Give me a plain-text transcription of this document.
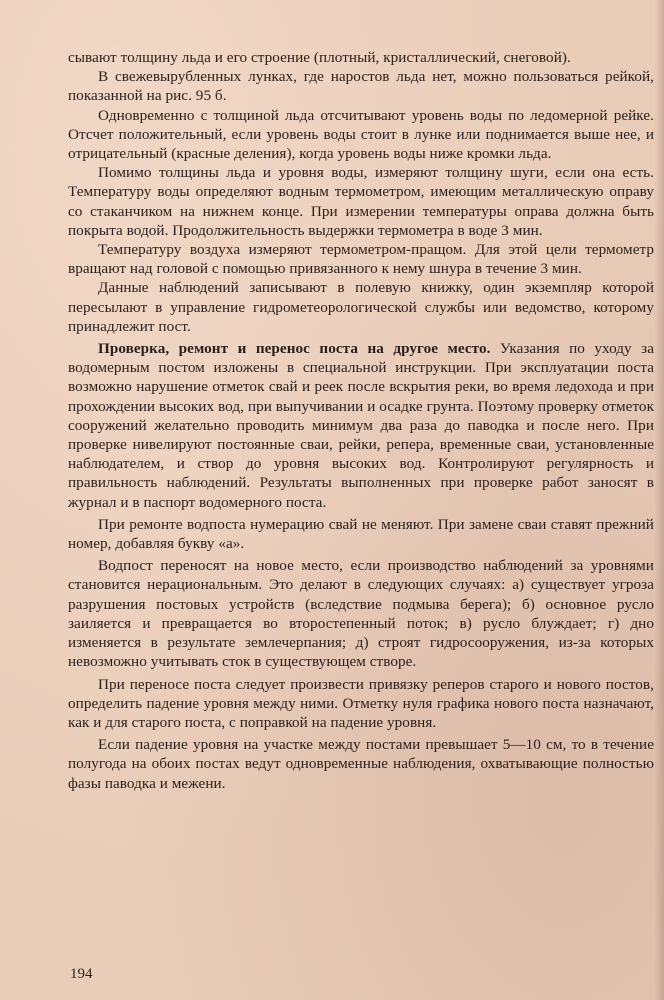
сывают толщину льда и его строение (плотный, кристаллический, снеговой).

В свежевырубленных лунках, где наростов льда нет, можно пользоваться рейкой, показанной на рис. 95 б.

Одновременно с толщиной льда отсчитывают уровень воды по ледомерной рейке. Отсчет положительный, если уровень воды стоит в лунке или поднимается выше нее, и отрицательный (красные деления), когда уровень воды ниже кромки льда.

Помимо толщины льда и уровня воды, измеряют толщину шуги, если она есть. Температуру воды определяют водным термометром, имеющим металлическую оправу со стаканчиком на нижнем конце. При измерении температуры оправа должна быть покрыта водой. Продолжительность выдержки термометра в воде 3 мин.

Температуру воздуха измеряют термометром-пращом. Для этой цели термометр вращают над головой с помощью привязанного к нему шнура в течение 3 мин.

Данные наблюдений записывают в полевую книжку, один экземпляр которой пересылают в управление гидрометеорологической службы или ведомство, которому принадлежит пост.

Проверка, ремонт и перенос поста на другое место. Указания по уходу за водомерным постом изложены в специальной инструкции. При эксплуатации поста возможно нарушение отметок свай и реек после вскрытия реки, во время ледохода и при прохождении высоких вод, при выпучивании и осадке грунта. Поэтому проверку отметок сооружений желательно проводить минимум два раза до паводка и после него. При проверке нивелируют постоянные сваи, рейки, репера, временные сваи, установленные наблюдателем, и створ до уровня высоких вод. Контролируют регулярность и правильность наблюдений. Результаты выполненных при проверке работ заносят в журнал и в паспорт водомерного поста.

При ремонте водпоста нумерацию свай не меняют. При замене сваи ставят прежний номер, добавляя букву «а».

Водпост переносят на новое место, если производство наблюдений за уровнями становится нерациональным. Это делают в следующих случаях: а) существует угроза разрушения постовых устройств (вследствие подмыва берега); б) основное русло заиляется и превращается во второстепенный поток; в) русло блуждает; г) дно изменяется в результате землечерпания; д) строят гидросооружения, из-за которых невозможно учитывать сток в существующем створе.

При переносе поста следует произвести привязку реперов старого и нового постов, определить падение уровня между ними. Отметку нуля графика нового поста назначают, как и для старого поста, с поправкой на падение уровня.

Если падение уровня на участке между постами превышает 5—10 см, то в течение полугода на обоих постах ведут одновременные наблюдения, охватывающие полностью фазы паводка и межени.

194
